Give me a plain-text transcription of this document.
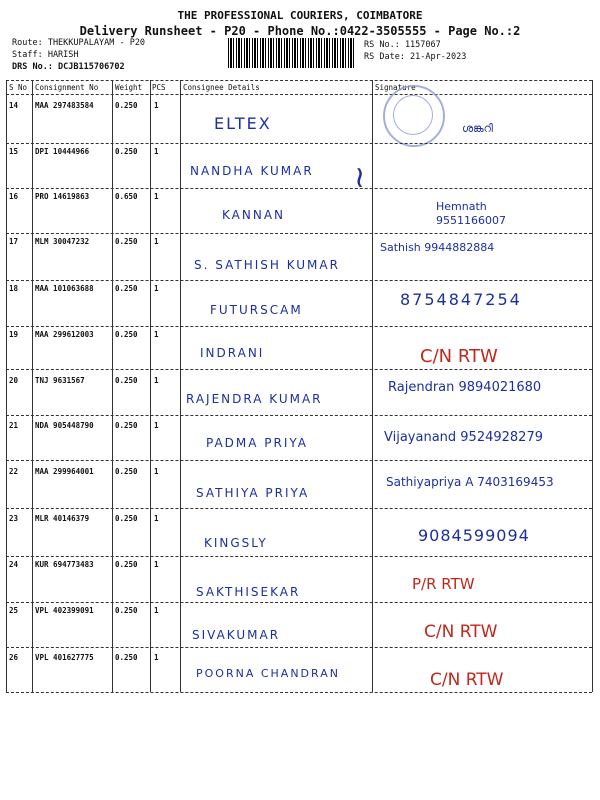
THE PROFESSIONAL COURIERS, COIMBATORE
Delivery Runsheet - P20 - Phone No.:0422-3505555 - Page No.:2
Route: THEKKUPALAYAM - P20
Staff: HARISH
DRS No.: DCJB115706702
RS No.: 1157067
RS Date: 21-Apr-2023
S No Consignment No Weight PCS Consignee Details	Signature
14 MAA 297483584	0.250 1
ELTEX	ശങ്കറി
15 DPI 10444966	0.250 1
NANDHA KUMAR ≀
16 PRO 14619863	0.650 1
KANNAN
Hemnath 9551166007
17 MLM 30047232	0.250 1
S. SATHISH KUMAR
Sathish 9944882884
18 MAA 101063688	0.250 1
FUTURSCAM
8754847254
19 MAA 299612003	0.250 1
INDRANI	C/N RTW
20 TNJ 9631567	0.250 1
RAJENDRA KUMAR
Rajendran 9894021680
21 NDA 905448790	0.250 1
PADMA PRIYA	Vijayanand 9524928279
22 MAA 299964001	0.250 1
SATHIYA PRIYA
Sathiyapriya A 7403169453
23 MLR 40146379	0.250 1
KINGSLY	9084599094
24 KUR 694773483	0.250 1
SAKTHISEKAR	P/R RTW
25 VPL 402399091	0.250 1
SIVAKUMAR	C/N RTW
26 VPL 401627775	0.250 1
POORNA CHANDRAN	C/N RTW
